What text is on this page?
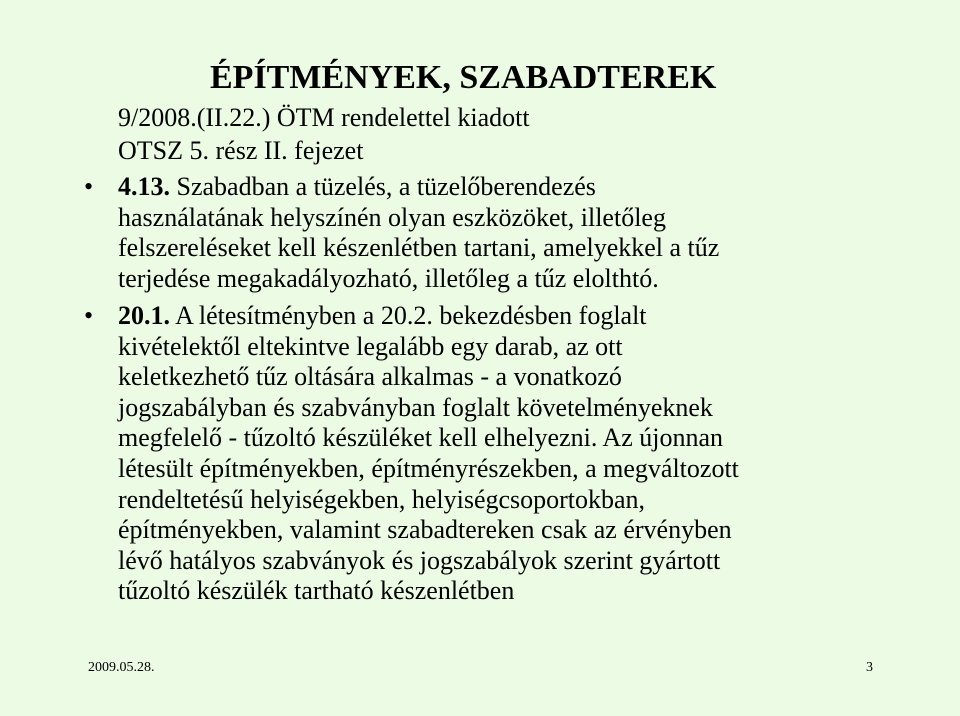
ÉPÍTMÉNYEK, SZABADTEREK
9/2008.(II.22.) ÖTM rendelettel kiadott
OTSZ 5. rész II. fejezet
• 4.13. Szabadban a tüzelés, a tüzelőberendezés
használatának helyszínén olyan eszközöket, illetőleg
felszereléseket kell készenlétben tartani, amelyekkel a tűz
terjedése megakadályozható, illetőleg a tűz elolthtó.
• 20.1. A létesítményben a 20.2. bekezdésben foglalt
kivételektől eltekintve legalább egy darab, az ott
keletkezhető tűz oltására alkalmas - a vonatkozó
jogszabályban és szabványban foglalt követelményeknek
megfelelő - tűzoltó készüléket kell elhelyezni. Az újonnan
létesült építményekben, építményrészekben, a megváltozott
rendeltetésű helyiségekben, helyiségcsoportokban,
építményekben, valamint szabadtereken csak az érvényben
lévő hatályos szabványok és jogszabályok szerint gyártott
tűzoltó készülék tartható készenlétben
2009.05.28.	3
